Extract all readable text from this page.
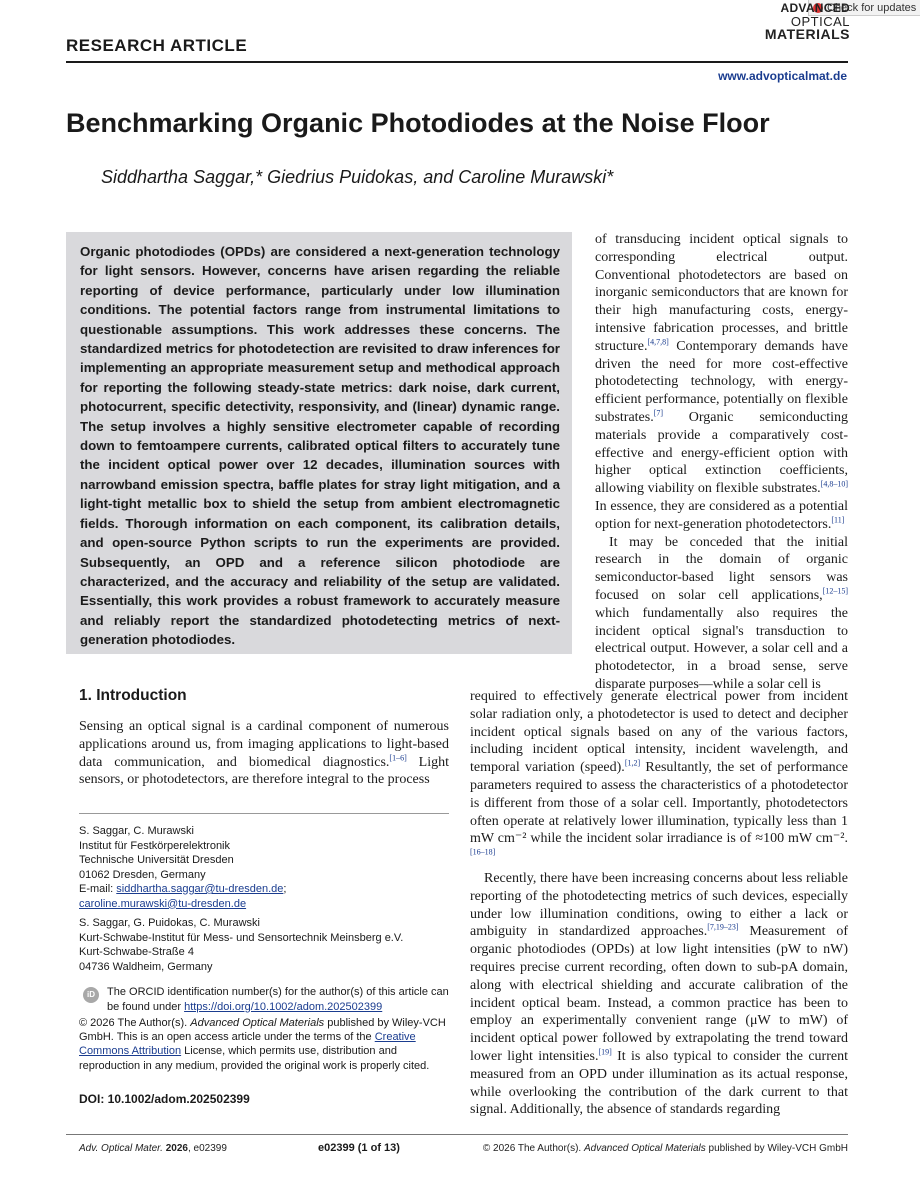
Check for updates
RESEARCH ARTICLE
ADVANCED
OPTICAL
MATERIALS
www.advopticalmat.de
Benchmarking Organic Photodiodes at the Noise Floor
Siddhartha Saggar,* Giedrius Puidokas, and Caroline Murawski*
Organic photodiodes (OPDs) are considered a next-generation technology for light sensors. However, concerns have arisen regarding the reliable reporting of device performance, particularly under low illumination conditions. The potential factors range from instrumental limitations to questionable assumptions. This work addresses these concerns. The standardized metrics for photodetection are revisited to draw inferences for implementing an appropriate measurement setup and methodical approach for reporting the following steady-state metrics: dark noise, dark current, photocurrent, specific detectivity, responsivity, and (linear) dynamic range. The setup involves a highly sensitive electrometer capable of recording down to femtoampere currents, calibrated optical filters to accurately tune the incident optical power over 12 decades, illumination sources with narrowband emission spectra, baffle plates for stray light mitigation, and a light-tight metallic box to shield the setup from ambient electromagnetic fields. Thorough information on each component, its calibration details, and open-source Python scripts to run the experiments are provided. Subsequently, an OPD and a reference silicon photodiode are characterized, and the accuracy and reliability of the setup are validated. Essentially, this work provides a robust framework to accurately measure and reliably report the standardized photodetecting metrics of next-generation photodiodes.

of transducing incident optical signals to corresponding electrical output. Conventional photodetectors are based on inorganic semiconductors that are known for their high manufacturing costs, energy-intensive fabrication processes, and brittle structure.[4,7,8] Contemporary demands have driven the need for more cost-effective photodetecting technology, with energy-efficient performance, potentially on flexible substrates.[7] Organic semiconducting materials provide a comparatively cost-effective and energy-efficient option with higher optical extinction coefficients, allowing viability on flexible substrates.[4,8–10] In essence, they are considered as a potential option for next-generation photodetectors.[11]

It may be conceded that the initial research in the domain of organic semiconductor-based light sensors was focused on solar cell applications,[12–15] which fundamentally also requires the incident optical signal's transduction to electrical output. However, a solar cell and a photodetector, in a broad sense, serve disparate purposes—while a solar cell is

1. Introduction

Sensing an optical signal is a cardinal component of numerous applications around us, from imaging applications to light-based data communication, and biomedical diagnostics.[1–6] Light sensors, or photodetectors, are therefore integral to the process

required to effectively generate electrical power from incident solar radiation only, a photodetector is used to detect and decipher incident optical signals based on any of the various factors, including incident optical intensity, incident wavelength, and temporal variation (speed).[1,2] Resultantly, the set of performance parameters required to assess the characteristics of a photodetector is different from those of a solar cell. Importantly, photodetectors often operate at relatively lower illumination, typically less than 1 mW cm⁻² while the incident solar irradiance is of ≈100 mW cm⁻².[16–18]

Recently, there have been increasing concerns about less reliable reporting of the photodetecting metrics of such devices, especially under low illumination conditions, owing to either a lack or ambiguity in standardized approaches.[7,19–23] Measurement of organic photodiodes (OPDs) at low light intensities (pW to nW) requires precise current recording, often down to sub-pA domain, along with electrical shielding and accurate calibration of the incident optical beam. Instead, a common practice has been to employ an experimentally convenient range (μW to mW) of incident optical power followed by extrapolating the trend toward lower light intensities.[19] It is also typical to consider the current measured from an OPD under illumination as its actual response, while overlooking the contribution of the dark current to that signal. Additionally, the absence of standards regarding

S. Saggar, C. Murawski
Institut für Festkörperelektronik
Technische Universität Dresden
01062 Dresden, Germany
E-mail: siddhartha.saggar@tu-dresden.de;
caroline.murawski@tu-dresden.de
S. Saggar, G. Puidokas, C. Murawski
Kurt-Schwabe-Institut für Mess- und Sensortechnik Meinsberg e.V.
Kurt-Schwabe-Straße 4
04736 Waldheim, Germany
iD	The ORCID identification number(s) for the author(s) of this article can be found under https://doi.org/10.1002/adom.202502399
© 2026 The Author(s). Advanced Optical Materials published by Wiley-VCH GmbH. This is an open access article under the terms of the Creative Commons Attribution License, which permits use, distribution and reproduction in any medium, provided the original work is properly cited.
DOI: 10.1002/adom.202502399
Adv. Optical Mater. 2026, e02399	e02399 (1 of 13)	© 2026 The Author(s). Advanced Optical Materials published by Wiley-VCH GmbH
